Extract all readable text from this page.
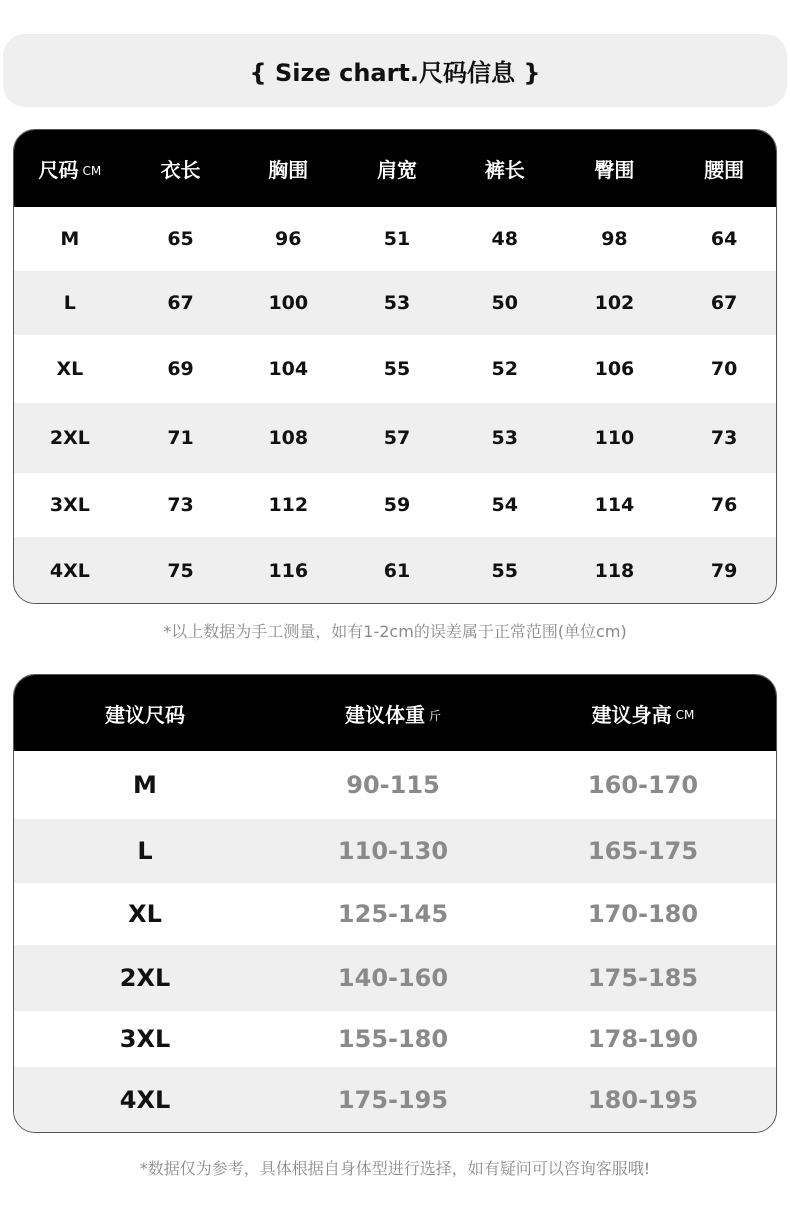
{ Size chart.尺码信息 }
尺码 CM	衣长	胸围	肩宽	裤长	臀围	腰围
M	65	96	51	48	98	64
L	67	100	53	50	102	67
XL	69	104	55	52	106	70
2XL	71	108	57	53	110	73
3XL	73	112	59	54	114	76
4XL	75	116	61	55	118	79
*以上数据为手工测量，如有1-2cm的误差属于正常范围(单位cm)
建议尺码	建议体重 斤	建议身高 CM
M	90-115	160-170
L	110-130	165-175
XL	125-145	170-180
2XL	140-160	175-185
3XL	155-180	178-190
4XL	175-195	180-195
*数据仅为参考，具体根据自身体型进行选择，如有疑问可以咨询客服哦!
